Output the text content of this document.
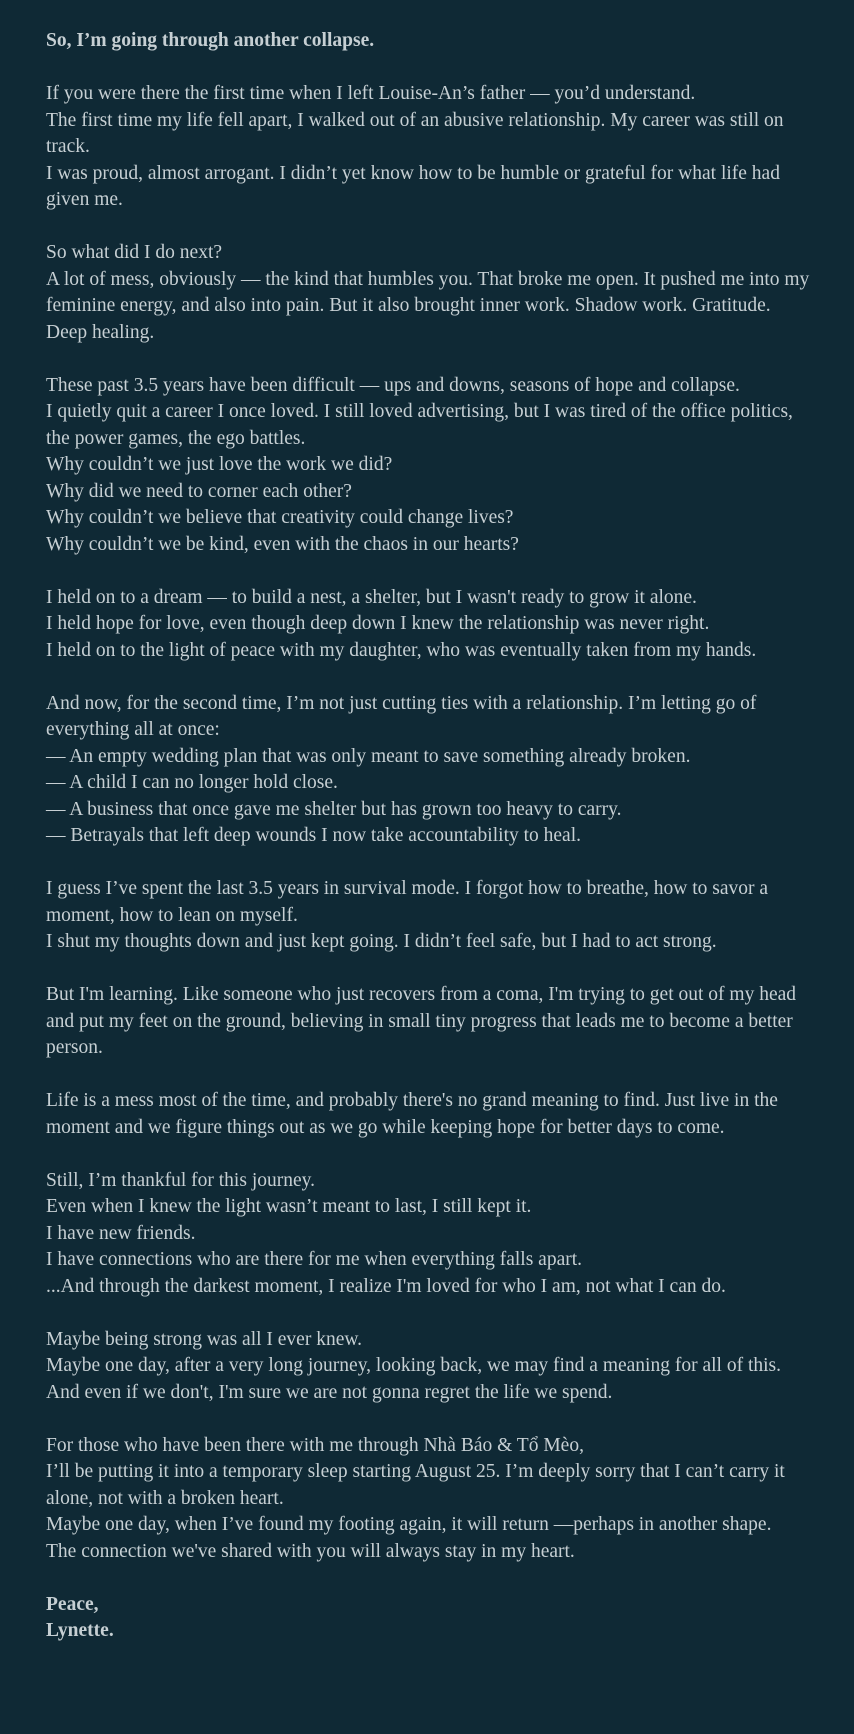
So, I’m going through another collapse.

If you were there the first time when I left Louise-An’s father — you’d understand.
The first time my life fell apart, I walked out of an abusive relationship. My career was still on track.
I was proud, almost arrogant. I didn’t yet know how to be humble or grateful for what life had given me.

So what did I do next?
A lot of mess, obviously — the kind that humbles you. That broke me open. It pushed me into my feminine energy, and also into pain. But it also brought inner work. Shadow work. Gratitude. Deep healing.

These past 3.5 years have been difficult — ups and downs, seasons of hope and collapse.
I quietly quit a career I once loved. I still loved advertising, but I was tired of the office politics, the power games, the ego battles.
Why couldn’t we just love the work we did?
Why did we need to corner each other?
Why couldn’t we believe that creativity could change lives?
Why couldn’t we be kind, even with the chaos in our hearts?

I held on to a dream — to build a nest, a shelter, but I wasn't ready to grow it alone.
I held hope for love, even though deep down I knew the relationship was never right.
I held on to the light of peace with my daughter, who was eventually taken from my hands.

And now, for the second time, I’m not just cutting ties with a relationship. I’m letting go of everything all at once:
— An empty wedding plan that was only meant to save something already broken.
— A child I can no longer hold close.
— A business that once gave me shelter but has grown too heavy to carry.
— Betrayals that left deep wounds I now take accountability to heal.

I guess I’ve spent the last 3.5 years in survival mode. I forgot how to breathe, how to savor a moment, how to lean on myself.
I shut my thoughts down and just kept going. I didn’t feel safe, but I had to act strong.

But I'm learning. Like someone who just recovers from a coma, I'm trying to get out of my head and put my feet on the ground, believing in small tiny progress that leads me to become a better person.

Life is a mess most of the time, and probably there's no grand meaning to find. Just live in the moment and we figure things out as we go while keeping hope for better days to come.

Still, I’m thankful for this journey.
Even when I knew the light wasn’t meant to last, I still kept it.
I have new friends.
I have connections who are there for me when everything falls apart.
...And through the darkest moment, I realize I'm loved for who I am, not what I can do.

Maybe being strong was all I ever knew.
Maybe one day, after a very long journey, looking back, we may find a meaning for all of this. And even if we don't, I'm sure we are not gonna regret the life we spend.

For those who have been there with me through Nhà Báo & Tổ Mèo,
I’ll be putting it into a temporary sleep starting August 25. I’m deeply sorry that I can’t carry it alone, not with a broken heart.
Maybe one day, when I’ve found my footing again, it will return —perhaps in another shape.
The connection we've shared with you will always stay in my heart.

Peace,
Lynette.
